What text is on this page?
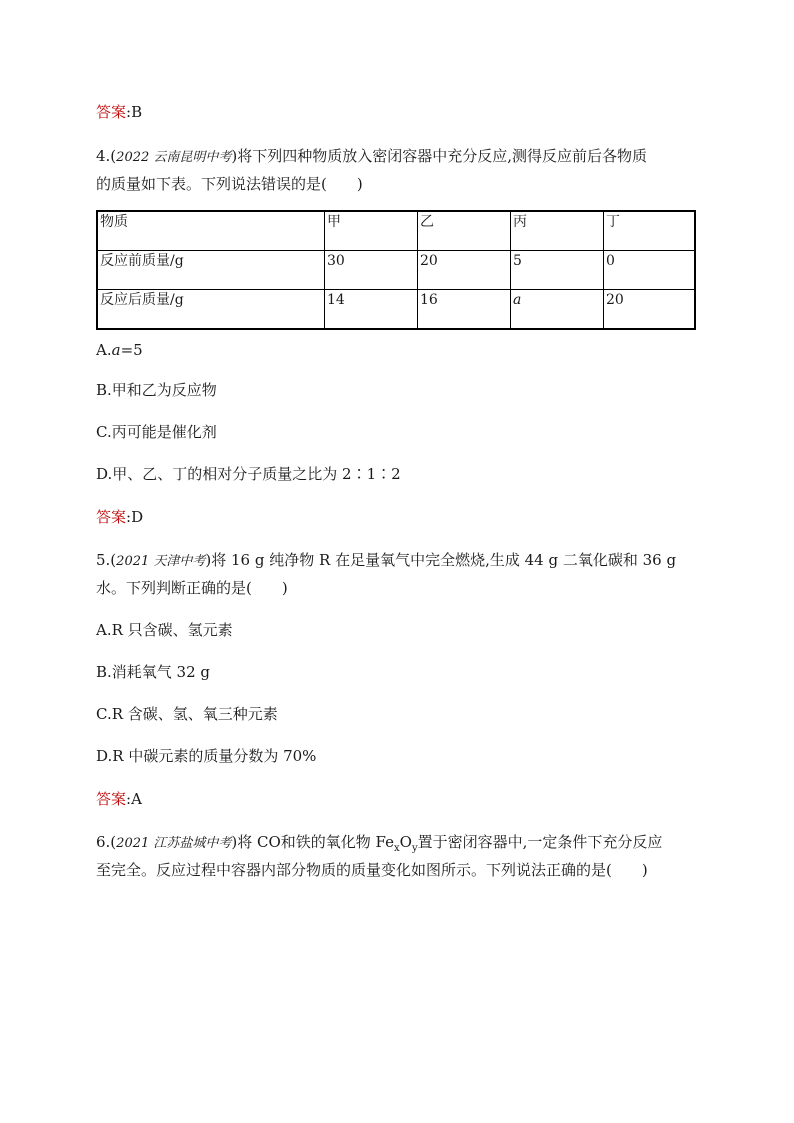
答案:B
4.(2022 云南昆明中考)将下列四种物质放入密闭容器中充分反应,测得反应前后各物质
的质量如下表。下列说法错误的是(　　)
物质	甲	乙	丙	丁
反应前质量/g	30	20	5	0
反应后质量/g	14	16	a	20
A.a=5
B.甲和乙为反应物
C.丙可能是催化剂
D.甲、乙、丁的相对分子质量之比为 2∶1∶2
答案:D
5.(2021 天津中考)将 16 g 纯净物 R 在足量氧气中完全燃烧,生成 44 g 二氧化碳和 36 g
水。下列判断正确的是(　　)
A.R 只含碳、氢元素
B.消耗氧气 32 g
C.R 含碳、氢、氧三种元素
D.R 中碳元素的质量分数为 70%
答案:A
6.(2021 江苏盐城中考)将 CO和铁的氧化物 $Fe_xO_y$置于密闭容器中,一定条件下充分反应
至完全。反应过程中容器内部分物质的质量变化如图所示。下列说法正确的是(　　)
